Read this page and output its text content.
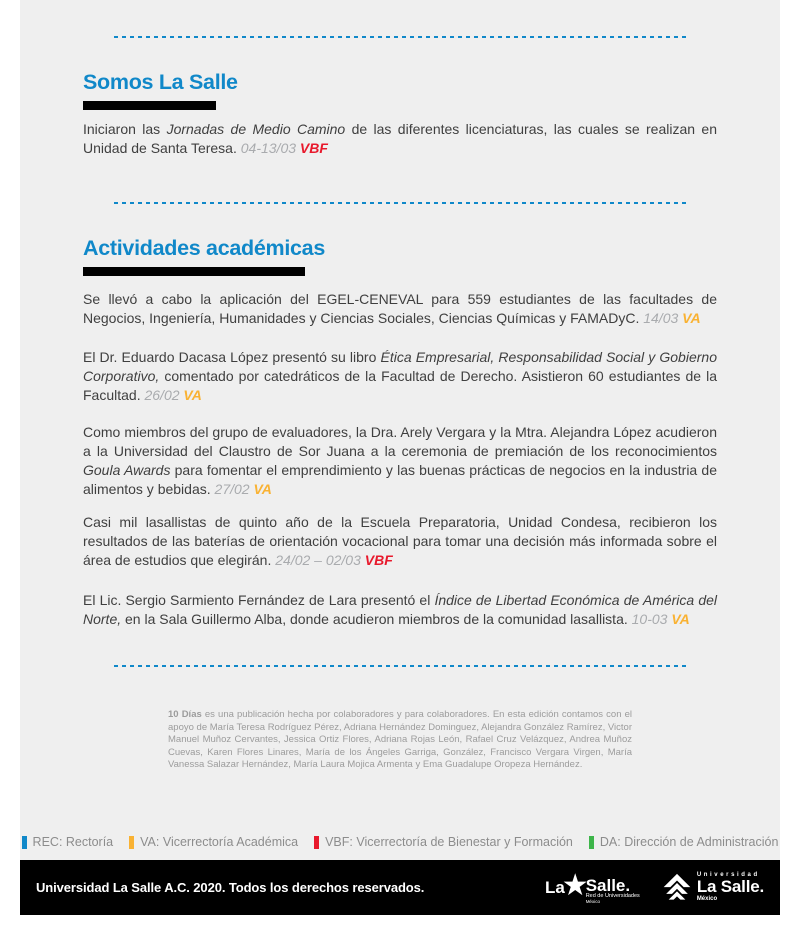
Somos La Salle

Iniciaron las Jornadas de Medio Camino de las diferentes licenciaturas, las cuales se realizan en Unidad de Santa Teresa. 04-13/03 VBF

Actividades académicas

Se llevó a cabo la aplicación del EGEL-CENEVAL para 559 estudiantes de las facultades de Negocios, Ingeniería, Humanidades y Ciencias Sociales, Ciencias Químicas y FAMADyC. 14/03 VA

El Dr. Eduardo Dacasa López presentó su libro Ética Empresarial, Responsabilidad Social y Gobierno Corporativo, comentado por catedráticos de la Facultad de Derecho. Asistieron 60 estudiantes de la Facultad. 26/02 VA

Como miembros del grupo de evaluadores, la Dra. Arely Vergara y la Mtra. Alejandra López acudieron a la Universidad del Claustro de Sor Juana a la ceremonia de premiación de los reconocimientos Goula Awards para fomentar el emprendimiento y las buenas prácticas de negocios en la industria de alimentos y bebidas. 27/02 VA

Casi mil lasallistas de quinto año de la Escuela Preparatoria, Unidad Condesa, recibieron los resultados de las baterías de orientación vocacional para tomar una decisión más informada sobre el área de estudios que elegirán. 24/02 – 02/03 VBF

El Lic. Sergio Sarmiento Fernández de Lara presentó el Índice de Libertad Económica de América del Norte, en la Sala Guillermo Alba, donde acudieron miembros de la comunidad lasallista. 10-03 VA

10 Días es una publicación hecha por colaboradores y para colaboradores. En esta edición contamos con el apoyo de María Teresa Rodríguez Pérez, Adriana Hernández Dominguez, Alejandra González Ramírez, Victor Manuel Muñoz Cervantes, Jessica Ortiz Flores, Adriana Rojas León, Rafael Cruz Velázquez, Andrea Muñoz Cuevas, Karen Flores Linares, María de los Ángeles Garriga, González, Francisco Vergara Virgen, María Vanessa Salazar Hernández, María Laura Mojica Armenta y Ema Guadalupe Oropeza Hernández.

REC: Rectoría VA: Vicerrectoría Académica VBF: Vicerrectoría de Bienestar y Formación DA: Dirección de Administración
Universidad La Salle A.C. 2020. Todos los derechos reservados.	La
★
Salle.
Red de Universidades
México
Universidad
La Salle.
México
